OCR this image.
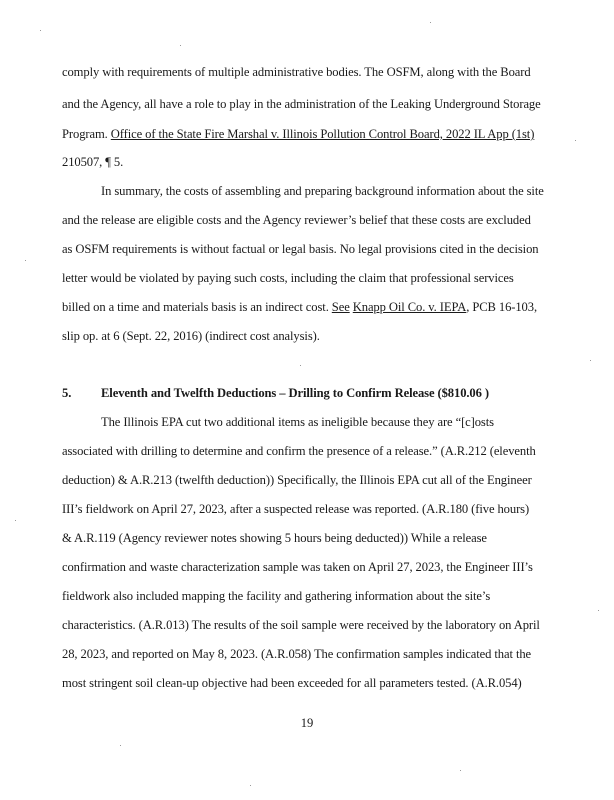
comply with requirements of multiple administrative bodies. The OSFM, along with the Board
and the Agency, all have a role to play in the administration of the Leaking Underground Storage
Program. Office of the State Fire Marshal v. Illinois Pollution Control Board, 2022 IL App (1st)
210507, ¶ 5.
In summary, the costs of assembling and preparing background information about the site
and the release are eligible costs and the Agency reviewer’s belief that these costs are excluded
as OSFM requirements is without factual or legal basis. No legal provisions cited in the decision
letter would be violated by paying such costs, including the claim that professional services
billed on a time and materials basis is an indirect cost. See Knapp Oil Co. v. IEPA, PCB 16-103,
slip op. at 6 (Sept. 22, 2016) (indirect cost analysis).
5. Eleventh and Twelfth Deductions – Drilling to Confirm Release ($810.06 )
The Illinois EPA cut two additional items as ineligible because they are “[c]osts
associated with drilling to determine and confirm the presence of a release.” (A.R.212 (eleventh
deduction) & A.R.213 (twelfth deduction)) Specifically, the Illinois EPA cut all of the Engineer
III’s fieldwork on April 27, 2023, after a suspected release was reported. (A.R.180 (five hours)
& A.R.119 (Agency reviewer notes showing 5 hours being deducted)) While a release
confirmation and waste characterization sample was taken on April 27, 2023, the Engineer III’s
fieldwork also included mapping the facility and gathering information about the site’s
characteristics. (A.R.013) The results of the soil sample were received by the laboratory on April
28, 2023, and reported on May 8, 2023. (A.R.058) The confirmation samples indicated that the
most stringent soil clean-up objective had been exceeded for all parameters tested. (A.R.054)
19
